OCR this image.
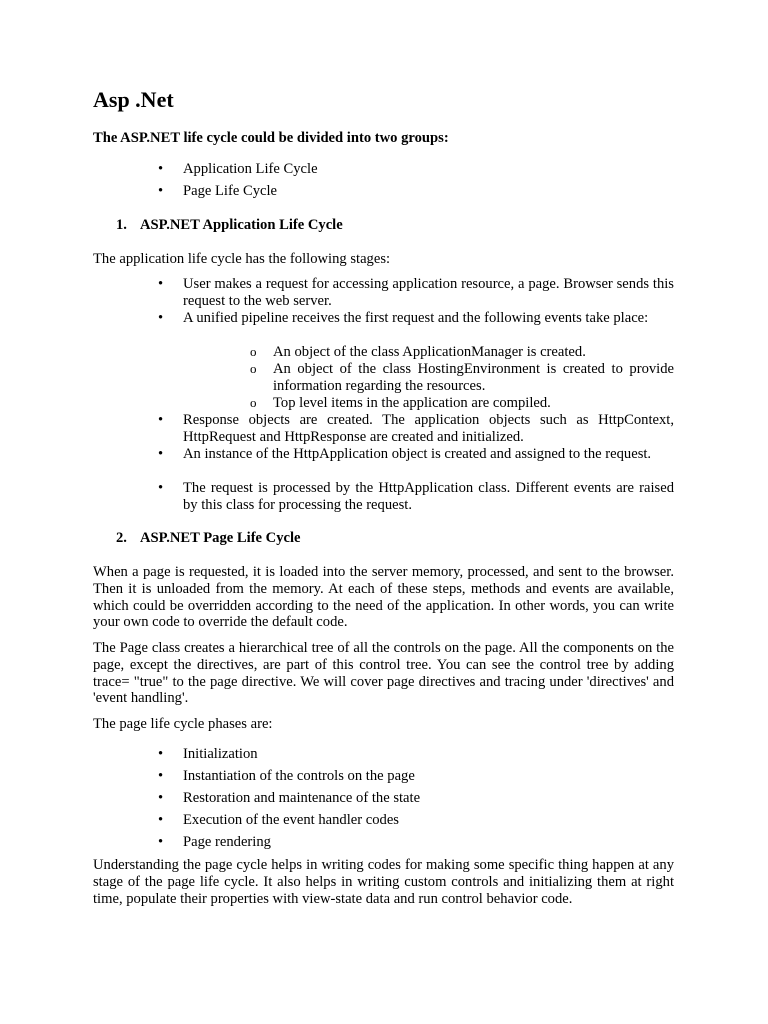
Asp .Net
The ASP.NET life cycle could be divided into two groups:
•	Application Life Cycle
•	Page Life Cycle
1. ASP.NET Application Life Cycle
The application life cycle has the following stages:
•	User makes a request for accessing application resource, a page. Browser sends this request to the web server.
•	A unified pipeline receives the first request and the following events take place:
o An object of the class ApplicationManager is created.
o An object of the class HostingEnvironment is created to provide information regarding the resources.
o Top level items in the application are compiled.
•	Response objects are created. The application objects such as HttpContext, HttpRequest and HttpResponse are created and initialized.
•	An instance of the HttpApplication object is created and assigned to the request.
•	The request is processed by the HttpApplication class. Different events are raised by this class for processing the request.
2. ASP.NET Page Life Cycle
When a page is requested, it is loaded into the server memory, processed, and sent to the browser. Then it is unloaded from the memory. At each of these steps, methods and events are available, which could be overridden according to the need of the application. In other words, you can write your own code to override the default code.
The Page class creates a hierarchical tree of all the controls on the page. All the components on the page, except the directives, are part of this control tree. You can see the control tree by adding trace= "true" to the page directive. We will cover page directives and tracing under 'directives' and 'event handling'.
The page life cycle phases are:
•	Initialization
•	Instantiation of the controls on the page
•	Restoration and maintenance of the state
•	Execution of the event handler codes
•	Page rendering
Understanding the page cycle helps in writing codes for making some specific thing happen at any stage of the page life cycle. It also helps in writing custom controls and initializing them at right time, populate their properties with view-state data and run control behavior code.
